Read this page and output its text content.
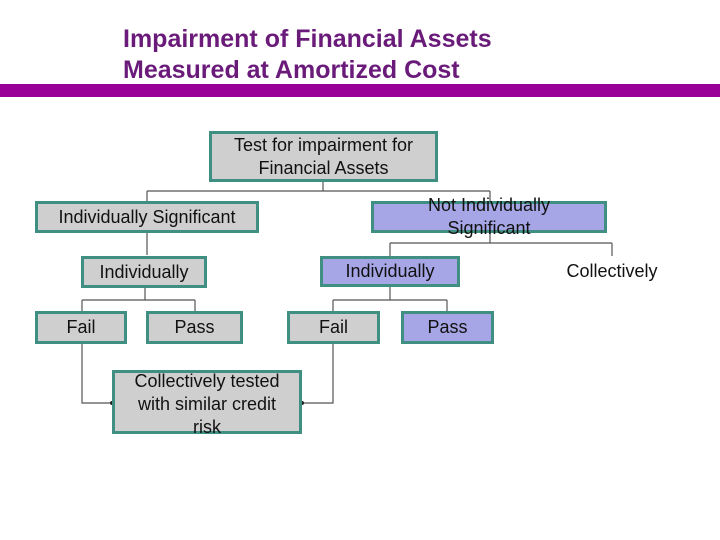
Impairment of Financial Assets
Measured at Amortized Cost
Test for impairment for Financial Assets
Individually Significant
Not Individually Significant
Individually	Individually	Collectively
Fail	Pass	Fail	Pass
Collectively tested with similar credit risk
